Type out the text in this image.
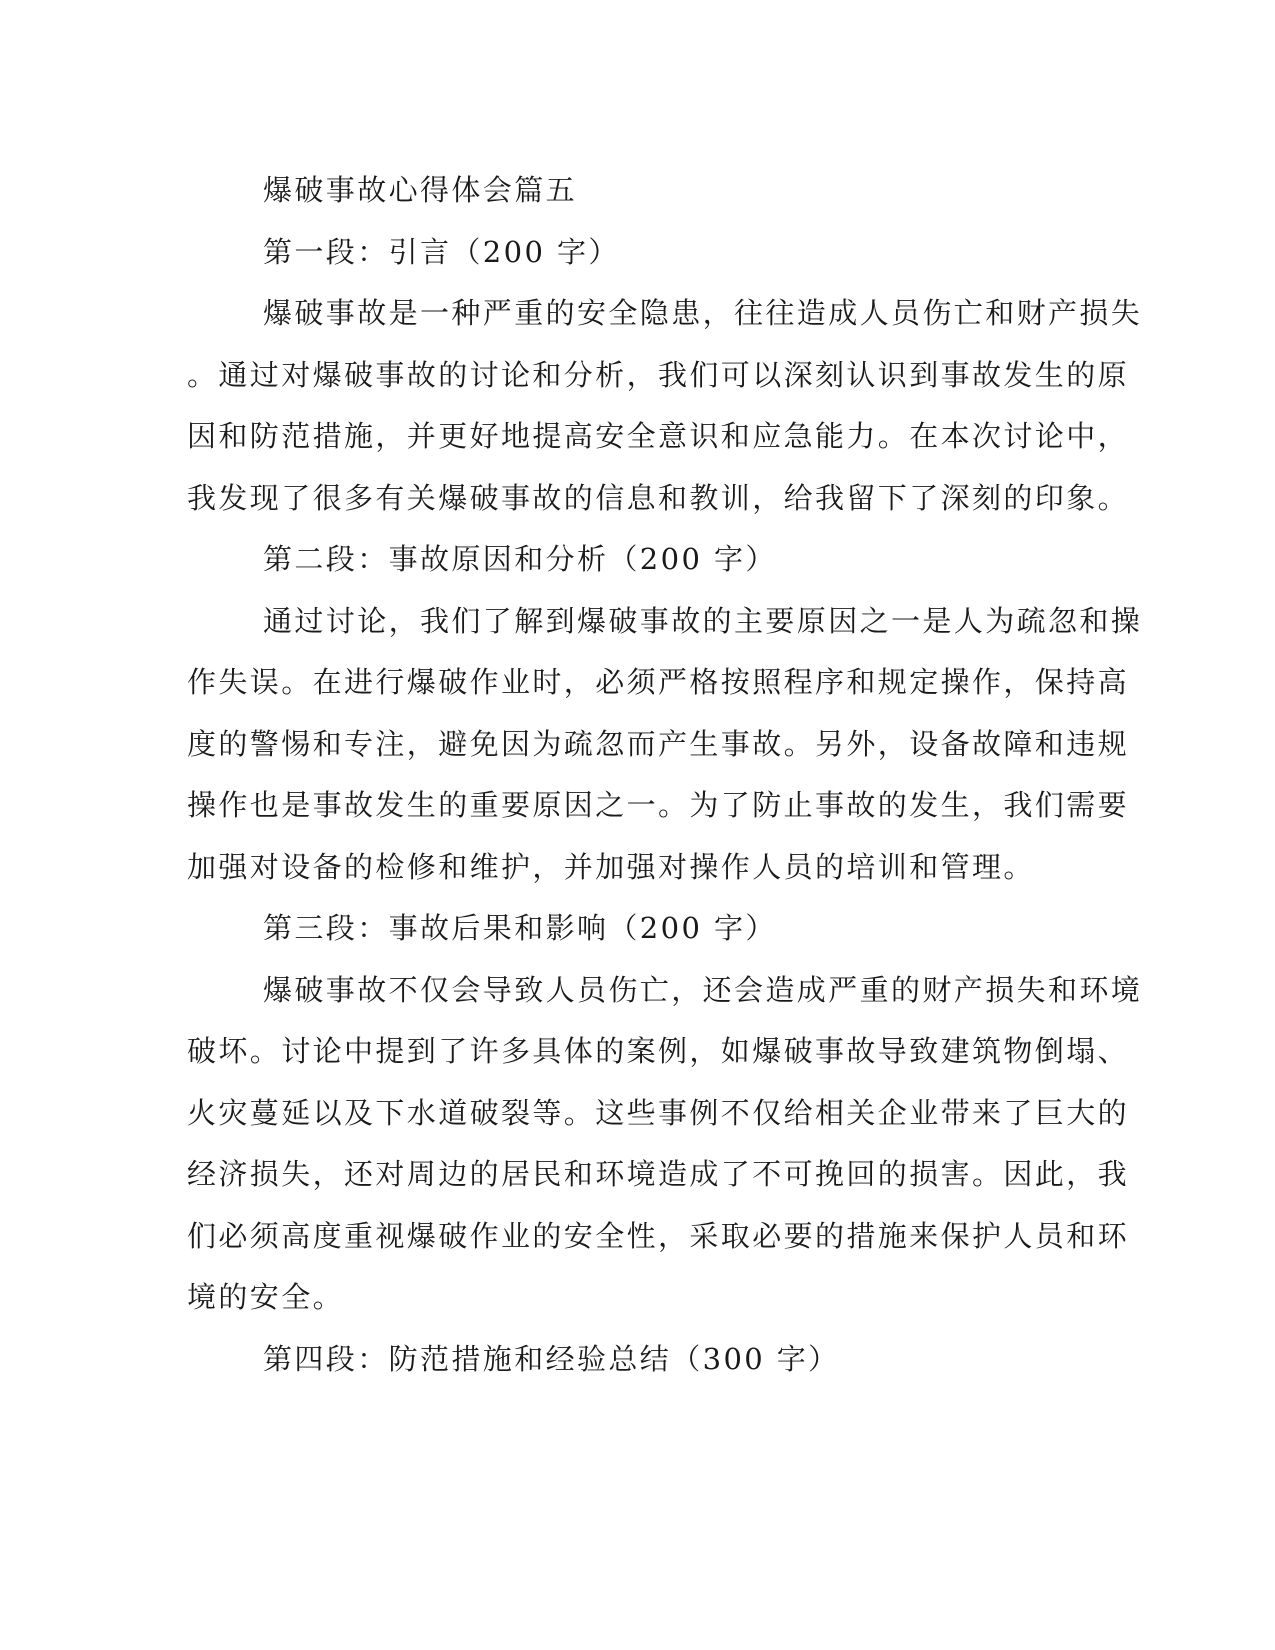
爆破事故心得体会篇五

第一段：引言（200 字）

爆破事故是一种严重的安全隐患，往往造成人员伤亡和财产损失

。通过对爆破事故的讨论和分析，我们可以深刻认识到事故发生的原

因和防范措施，并更好地提高安全意识和应急能力。在本次讨论中，

我发现了很多有关爆破事故的信息和教训，给我留下了深刻的印象。

第二段：事故原因和分析（200 字）

通过讨论，我们了解到爆破事故的主要原因之一是人为疏忽和操

作失误。在进行爆破作业时，必须严格按照程序和规定操作，保持高

度的警惕和专注，避免因为疏忽而产生事故。另外，设备故障和违规

操作也是事故发生的重要原因之一。为了防止事故的发生，我们需要

加强对设备的检修和维护，并加强对操作人员的培训和管理。

第三段：事故后果和影响（200 字）

爆破事故不仅会导致人员伤亡，还会造成严重的财产损失和环境

破坏。讨论中提到了许多具体的案例，如爆破事故导致建筑物倒塌、

火灾蔓延以及下水道破裂等。这些事例不仅给相关企业带来了巨大的

经济损失，还对周边的居民和环境造成了不可挽回的损害。因此，我

们必须高度重视爆破作业的安全性，采取必要的措施来保护人员和环

境的安全。

第四段：防范措施和经验总结（300 字）
